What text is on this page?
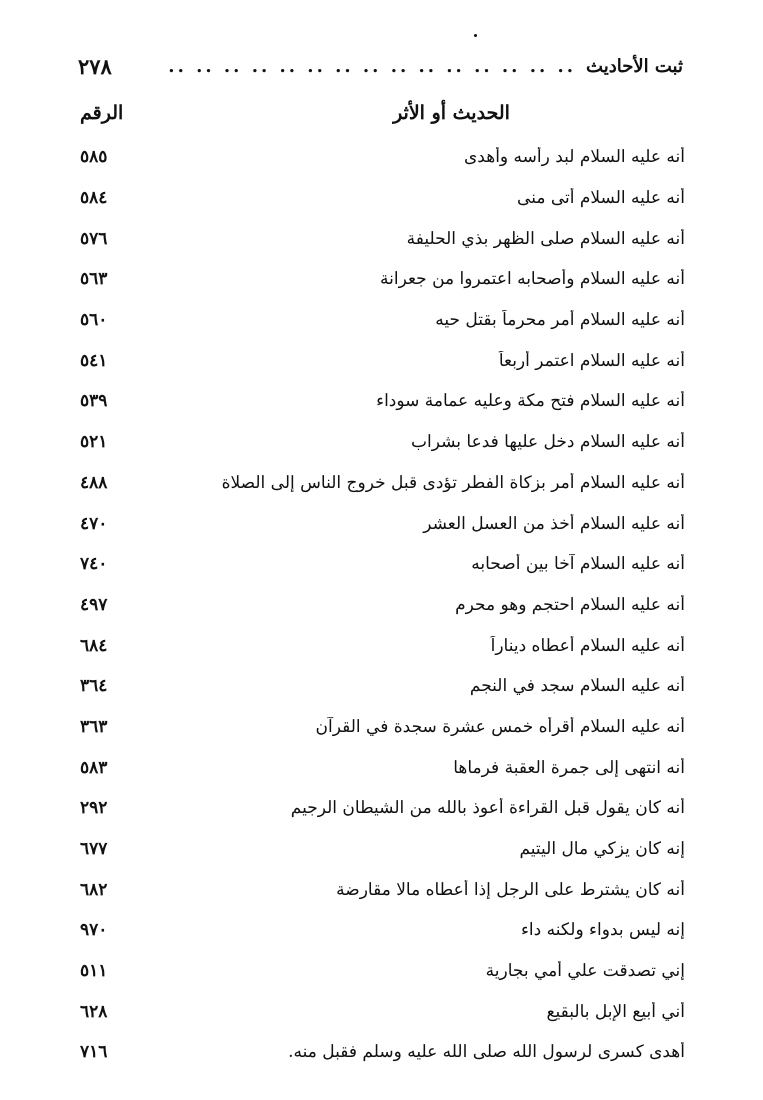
ثبت الأحاديث
.. .. .. .. .. .. .. .. .. .. .. .. .. .. ..
٢٧٨
الحديث أو الأثر
الرقم
أنه عليه السلام لبد رأسه وأهدى
٥٨٥
أنه عليه السلام أتى منى
٥٨٤
أنه عليه السلام صلى الظهر بذي الحليفة
٥٧٦
أنه عليه السلام وأصحابه اعتمروا من جعرانة
٥٦٣
أنه عليه السلام أمر محرماً بقتل حيه
٥٦٠
أنه عليه السلام اعتمر أربعاً
٥٤١
أنه عليه السلام فتح مكة وعليه عمامة سوداء
٥٣٩
أنه عليه السلام دخل عليها فدعا بشراب
٥٢١
أنه عليه السلام أمر بزكاة الفطر تؤدى قبل خروج الناس إلى الصلاة
٤٨٨
أنه عليه السلام أخذ من العسل العشر
٤٧٠
أنه عليه السلام آخا بين أصحابه
٧٤٠
أنه عليه السلام احتجم وهو محرم
٤٩٧
أنه عليه السلام أعطاه ديناراً
٦٨٤
أنه عليه السلام سجد في النجم
٣٦٤
أنه عليه السلام أقرأه خمس عشرة سجدة في القرآن
٣٦٣
أنه انتهى إلى جمرة العقبة فرماها
٥٨٣
أنه كان يقول قبل القراءة أعوذ بالله من الشيطان الرجيم
٢٩٢
إنه كان يزكي مال اليتيم
٦٧٧
أنه كان يشترط على الرجل إذا أعطاه مالا مقارضة
٦٨٢
إنه ليس بدواء ولكنه داء
٩٧٠
إني تصدقت علي أمي بجارية
٥١١
أني أبيع الإبل بالبقيع
٦٢٨
أهدى كسرى لرسول الله صلى الله عليه وسلم فقبل منه.
٧١٦
